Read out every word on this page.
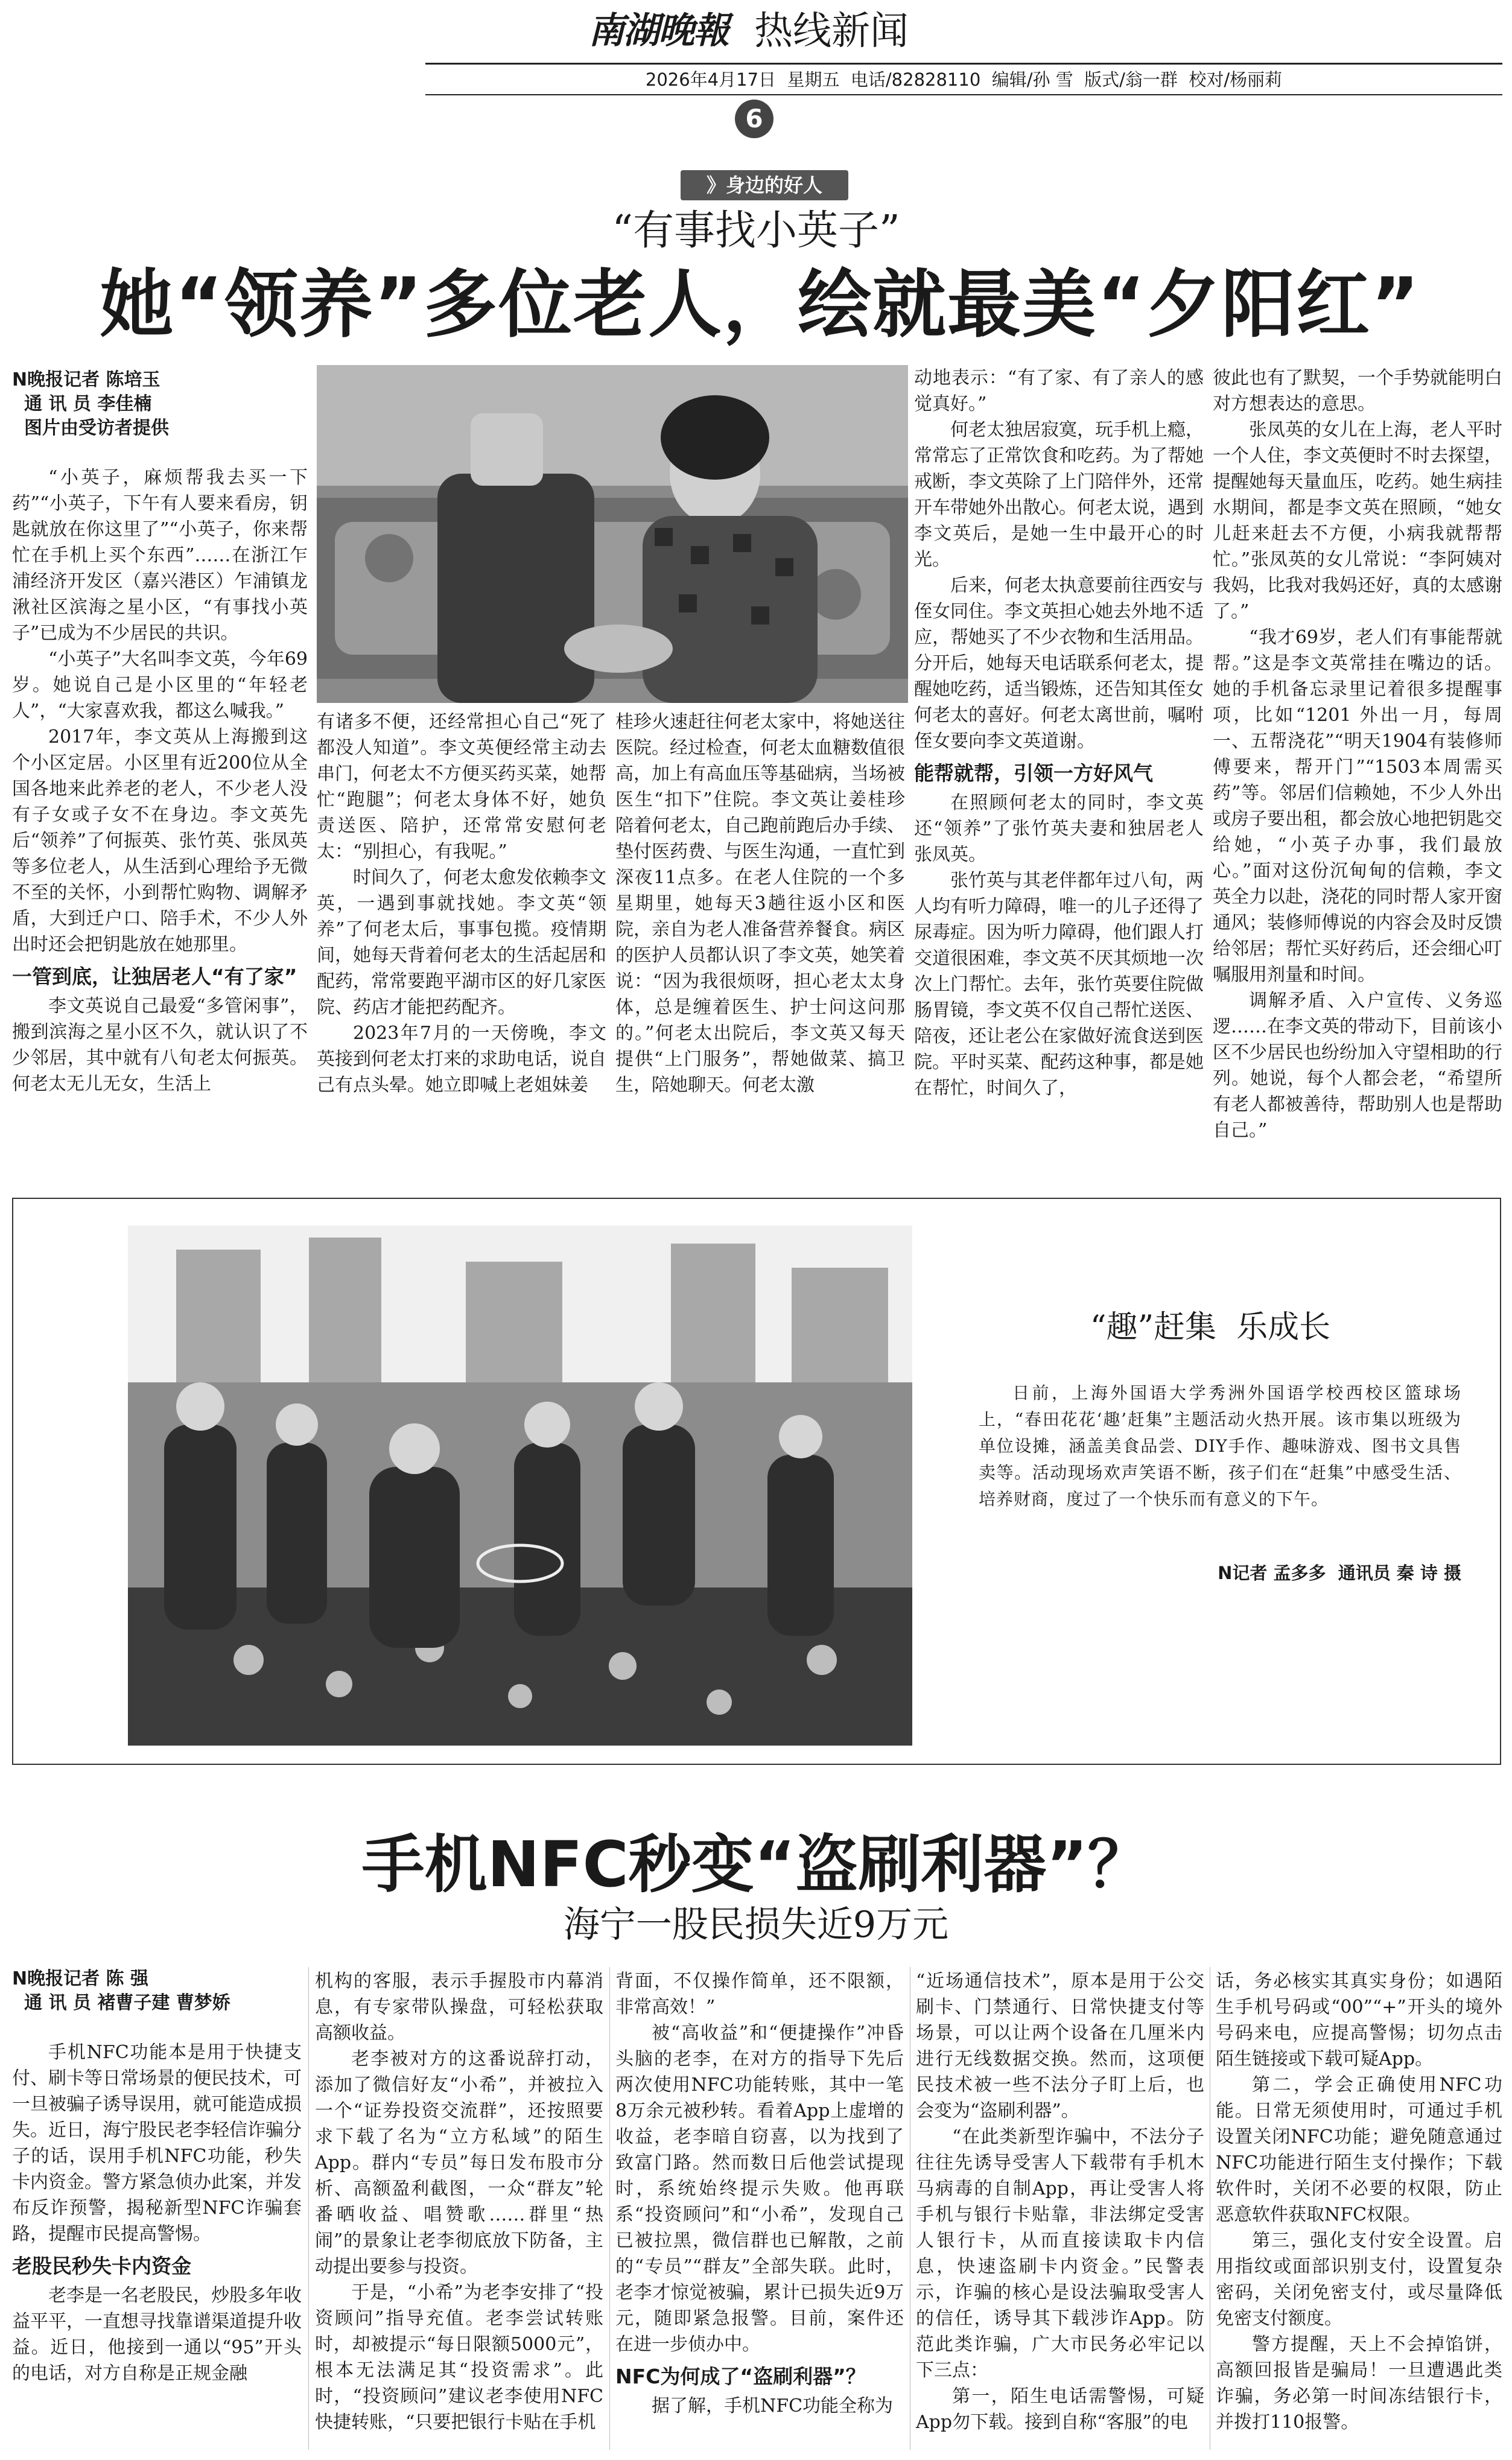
南湖晚報 热线新闻
2026年4月17日  星期五  电话/82828110  编辑/孙 雪  版式/翁一群  校对/杨丽莉
6
》身边的好人
“有事找小英子”
她“领养”多位老人，绘就最美“夕阳红”
N晚报记者 陈培玉
通 讯 员 李佳楠
图片由受访者提供

“小英子，麻烦帮我去买一下药”“小英子，下午有人要来看房，钥匙就放在你这里了”“小英子，你来帮忙在手机上买个东西”……在浙江乍浦经济开发区（嘉兴港区）乍浦镇龙湫社区滨海之星小区，“有事找小英子”已成为不少居民的共识。

“小英子”大名叫李文英，今年69岁。她说自己是小区里的“年轻老人”，“大家喜欢我，都这么喊我。”

2017年，李文英从上海搬到这个小区定居。小区里有近200位从全国各地来此养老的老人，不少老人没有子女或子女不在身边。李文英先后“领养”了何振英、张竹英、张凤英等多位老人，从生活到心理给予无微不至的关怀，小到帮忙购物、调解矛盾，大到迁户口、陪手术，不少人外出时还会把钥匙放在她那里。

一管到底，让独居老人“有了家”

李文英说自己最爱“多管闲事”，搬到滨海之星小区不久，就认识了不少邻居，其中就有八旬老太何振英。何老太无儿无女，生活上

有诸多不便，还经常担心自己“死了都没人知道”。李文英便经常主动去串门，何老太不方便买药买菜，她帮忙“跑腿”；何老太身体不好，她负责送医、陪护，还常常安慰何老太：“别担心，有我呢。”

时间久了，何老太愈发依赖李文英，一遇到事就找她。李文英“领养”了何老太后，事事包揽。疫情期间，她每天背着何老太的生活起居和配药，常常要跑平湖市区的好几家医院、药店才能把药配齐。

2023年7月的一天傍晚，李文英接到何老太打来的求助电话，说自己有点头晕。她立即喊上老姐妹姜

桂珍火速赶往何老太家中，将她送往医院。经过检查，何老太血糖数值很高，加上有高血压等基础病，当场被医生“扣下”住院。李文英让姜桂珍陪着何老太，自己跑前跑后办手续、垫付医药费、与医生沟通，一直忙到深夜11点多。在老人住院的一个多星期里，她每天3趟往返小区和医院，亲自为老人准备营养餐食。病区的医护人员都认识了李文英，她笑着说：“因为我很烦呀，担心老太太身体，总是缠着医生、护士问这问那的。”何老太出院后，李文英又每天提供“上门服务”，帮她做菜、搞卫生，陪她聊天。何老太激

动地表示：“有了家、有了亲人的感觉真好。”

何老太独居寂寞，玩手机上瘾，常常忘了正常饮食和吃药。为了帮她戒断，李文英除了上门陪伴外，还常开车带她外出散心。何老太说，遇到李文英后，是她一生中最开心的时光。

后来，何老太执意要前往西安与侄女同住。李文英担心她去外地不适应，帮她买了不少衣物和生活用品。分开后，她每天电话联系何老太，提醒她吃药，适当锻炼，还告知其侄女何老太的喜好。何老太离世前，嘱咐侄女要向李文英道谢。

能帮就帮，引领一方好风气

在照顾何老太的同时，李文英还“领养”了张竹英夫妻和独居老人张凤英。

张竹英与其老伴都年过八旬，两人均有听力障碍，唯一的儿子还得了尿毒症。因为听力障碍，他们跟人打交道很困难，李文英不厌其烦地一次次上门帮忙。去年，张竹英要住院做肠胃镜，李文英不仅自己帮忙送医、陪夜，还让老公在家做好流食送到医院。平时买菜、配药这种事，都是她在帮忙，时间久了，

彼此也有了默契，一个手势就能明白对方想表达的意思。

张凤英的女儿在上海，老人平时一个人住，李文英便时不时去探望，提醒她每天量血压，吃药。她生病挂水期间，都是李文英在照顾，“她女儿赶来赶去不方便，小病我就帮帮忙。”张凤英的女儿常说：“李阿姨对我妈，比我对我妈还好，真的太感谢了。”

“我才69岁，老人们有事能帮就帮。”这是李文英常挂在嘴边的话。她的手机备忘录里记着很多提醒事项，比如“1201 外出一月，每周一、五帮浇花”“明天1904有装修师傅要来，帮开门”“1503本周需买药”等。邻居们信赖她，不少人外出或房子要出租，都会放心地把钥匙交给她，“小英子办事，我们最放心。”面对这份沉甸甸的信赖，李文英全力以赴，浇花的同时帮人家开窗通风；装修师傅说的内容会及时反馈给邻居；帮忙买好药后，还会细心叮嘱服用剂量和时间。

调解矛盾、入户宣传、义务巡逻……在李文英的带动下，目前该小区不少居民也纷纷加入守望相助的行列。她说，每个人都会老，“希望所有老人都被善待，帮助别人也是帮助自己。”

“趣”赶集  乐成长
日前，上海外国语大学秀洲外国语学校西校区篮球场上，“春田花花‘趣’赶集”主题活动火热开展。该市集以班级为单位设摊，涵盖美食品尝、DIY手作、趣味游戏、图书文具售卖等。活动现场欢声笑语不断，孩子们在“赶集”中感受生活、培养财商，度过了一个快乐而有意义的下午。
N记者 孟多多  通讯员 秦 诗 摄
手机NFC秒变“盗刷利器”？
海宁一股民损失近9万元
N晚报记者 陈 强
通 讯 员 褚曹子建 曹梦娇

手机NFC功能本是用于快捷支付、刷卡等日常场景的便民技术，可一旦被骗子诱导误用，就可能造成损失。近日，海宁股民老李轻信诈骗分子的话，误用手机NFC功能，秒失卡内资金。警方紧急侦办此案，并发布反诈预警，揭秘新型NFC诈骗套路，提醒市民提高警惕。

老股民秒失卡内资金

老李是一名老股民，炒股多年收益平平，一直想寻找靠谱渠道提升收益。近日，他接到一通以“95”开头的电话，对方自称是正规金融

机构的客服，表示手握股市内幕消息，有专家带队操盘，可轻松获取高额收益。

老李被对方的这番说辞打动，添加了微信好友“小希”，并被拉入一个“证券投资交流群”，还按照要求下载了名为“立方私域”的陌生App。群内“专员”每日发布股市分析、高额盈利截图，一众“群友”轮番晒收益、唱赞歌……群里“热闹”的景象让老李彻底放下防备，主动提出要参与投资。

于是，“小希”为老李安排了“投资顾问”指导充值。老李尝试转账时，却被提示“每日限额5000元”，根本无法满足其“投资需求”。此时，“投资顾问”建议老李使用NFC快捷转账，“只要把银行卡贴在手机

背面，不仅操作简单，还不限额，非常高效！”

被“高收益”和“便捷操作”冲昏头脑的老李，在对方的指导下先后两次使用NFC功能转账，其中一笔8万余元被秒转。看着App上虚增的收益，老李暗自窃喜，以为找到了致富门路。然而数日后他尝试提现时，系统始终提示失败。他再联系“投资顾问”和“小希”，发现自己已被拉黑，微信群也已解散，之前的“专员”“群友”全部失联。此时，老李才惊觉被骗，累计已损失近9万元，随即紧急报警。目前，案件还在进一步侦办中。

NFC为何成了“盗刷利器”？

据了解，手机NFC功能全称为

“近场通信技术”，原本是用于公交刷卡、门禁通行、日常快捷支付等场景，可以让两个设备在几厘米内进行无线数据交换。然而，这项便民技术被一些不法分子盯上后，也会变为“盗刷利器”。

“在此类新型诈骗中，不法分子往往先诱导受害人下载带有手机木马病毒的自制App，再让受害人将手机与银行卡贴靠，非法绑定受害人银行卡，从而直接读取卡内信息，快速盗刷卡内资金。”民警表示，诈骗的核心是设法骗取受害人的信任，诱导其下载涉诈App。防范此类诈骗，广大市民务必牢记以下三点：

第一，陌生电话需警惕，可疑App勿下载。接到自称“客服”的电

话，务必核实其真实身份；如遇陌生手机号码或“00”“+”开头的境外号码来电，应提高警惕；切勿点击陌生链接或下载可疑App。

第二，学会正确使用NFC功能。日常无须使用时，可通过手机设置关闭NFC功能；避免随意通过NFC功能进行陌生支付操作；下载软件时，关闭不必要的权限，防止恶意软件获取NFC权限。

第三，强化支付安全设置。启用指纹或面部识别支付，设置复杂密码，关闭免密支付，或尽量降低免密支付额度。

警方提醒，天上不会掉馅饼，高额回报皆是骗局！一旦遭遇此类诈骗，务必第一时间冻结银行卡，并拨打110报警。
